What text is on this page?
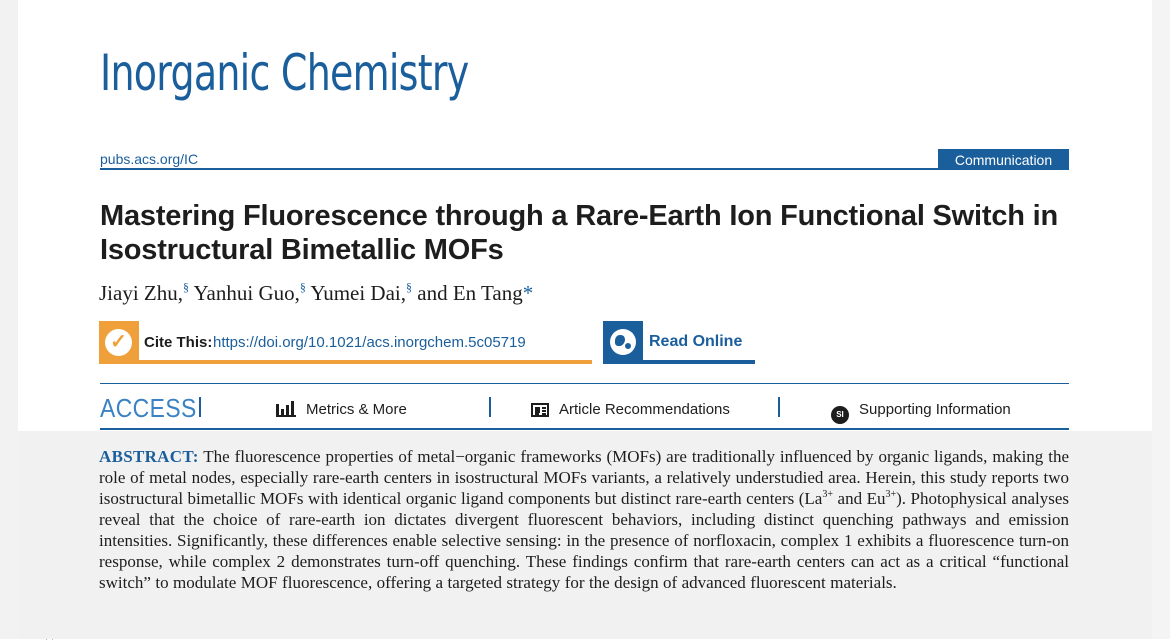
Inorganic Chemistry
pubs.acs.org/IC	Communication
Mastering Fluorescence through a Rare-Earth Ion Functional Switch in Isostructural Bimetallic MOFs
Jiayi Zhu,§ Yanhui Guo,§ Yumei Dai,§ and En Tang*
✓	Cite This: https://doi.org/10.1021/acs.inorgchem.5c05719	Read Online
ACCESS	Metrics & More	Article Recommendations	SI Supporting Information
ABSTRACT: The fluorescence properties of metal−organic frameworks (MOFs) are traditionally influenced by organic ligands, making the role of metal nodes, especially rare-earth centers in isostructural MOFs variants, a relatively understudied area. Herein, this study reports two isostructural bimetallic MOFs with identical organic ligand components but distinct rare-earth centers ($La^{3+}$ and $Eu^{3+}$). Photophysical analyses reveal that the choice of rare-earth ion dictates divergent fluorescent behaviors, including distinct quenching pathways and emission intensities. Significantly, these differences enable selective sensing: in the presence of norfloxacin, complex 1 exhibits a fluorescence turn-on response, while complex 2 demonstrates turn-off quenching. These findings confirm that rare-earth centers can act as a critical “functional switch” to modulate MOF fluorescence, offering a targeted strategy for the design of advanced fluorescent materials.
